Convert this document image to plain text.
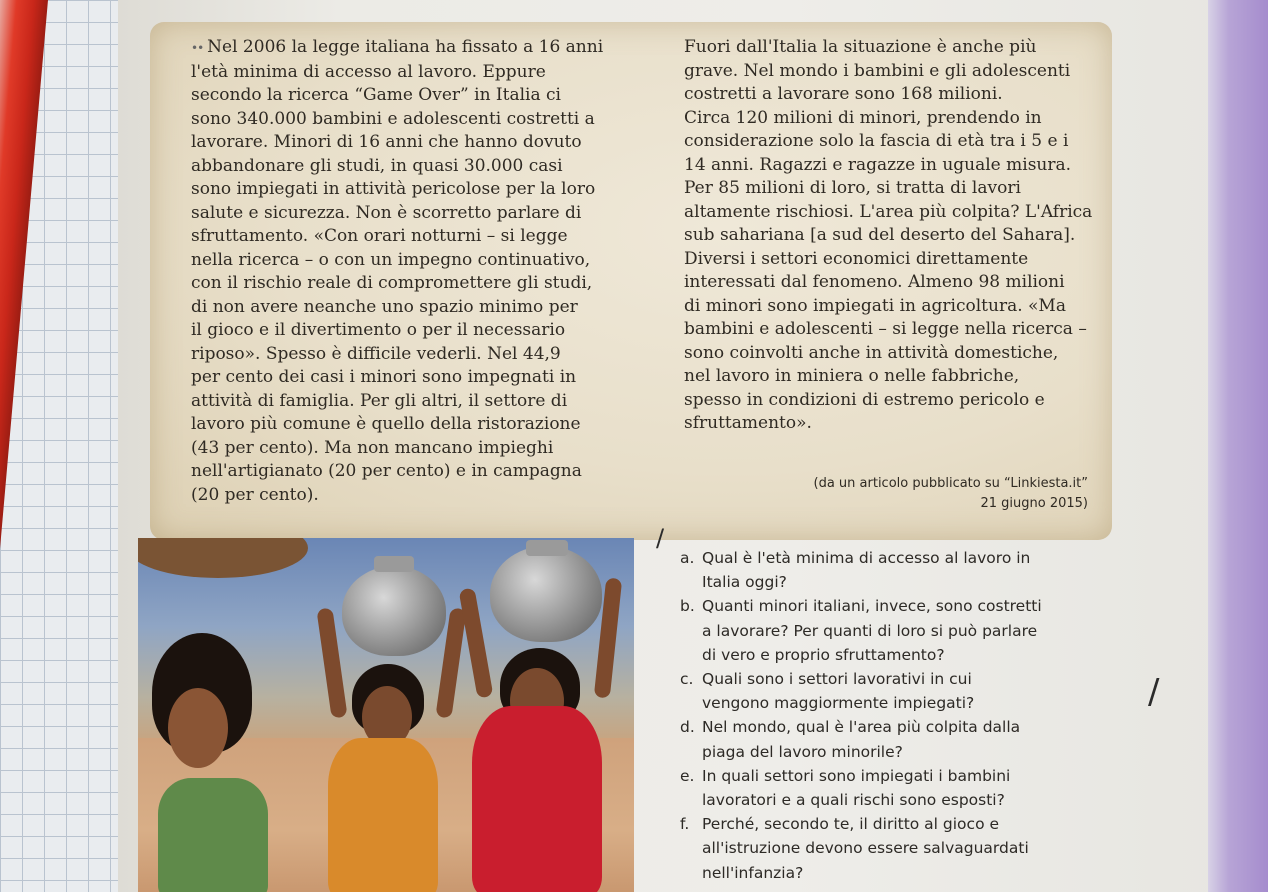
•• Nel 2006 la legge italiana ha fissato a 16 anni

l'età minima di accesso al lavoro. Eppure

secondo la ricerca “Game Over” in Italia ci

sono 340.000 bambini e adolescenti costretti a

lavorare. Minori di 16 anni che hanno dovuto

abbandonare gli studi, in quasi 30.000 casi

sono impiegati in attività pericolose per la loro

salute e sicurezza. Non è scorretto parlare di

sfruttamento. «Con orari notturni – si legge

nella ricerca – o con un impegno continuativo,

con il rischio reale di compromettere gli studi,

di non avere neanche uno spazio minimo per

il gioco e il divertimento o per il necessario

riposo». Spesso è difficile vederli. Nel 44,9

per cento dei casi i minori sono impegnati in

attività di famiglia. Per gli altri, il settore di

lavoro più comune è quello della ristorazione

(43 per cento). Ma non mancano impieghi

nell'artigianato (20 per cento) e in campagna

(20 per cento).

Fuori dall'Italia la situazione è anche più

grave. Nel mondo i bambini e gli adolescenti

costretti a lavorare sono 168 milioni.

Circa 120 milioni di minori, prendendo in

considerazione solo la fascia di età tra i 5 e i

14 anni. Ragazzi e ragazze in uguale misura.

Per 85 milioni di loro, si tratta di lavori

altamente rischiosi. L'area più colpita? L'Africa

sub sahariana [a sud del deserto del Sahara].

Diversi i settori economici direttamente

interessati dal fenomeno. Almeno 98 milioni

di minori sono impiegati in agricoltura. «Ma

bambini e adolescenti – si legge nella ricerca –

sono coinvolti anche in attività domestiche,

nel lavoro in miniera o nelle fabbriche,

spesso in condizioni di estremo pericolo e

sfruttamento».

(da un articolo pubblicato su “Linkiesta.it”

21 giugno 2015)

/
/
a. Qual è l'età minima di accesso al lavoro in
Italia oggi?
b. Quanti minori italiani, invece, sono costretti
a lavorare? Per quanti di loro si può parlare
di vero e proprio sfruttamento?
c. Quali sono i settori lavorativi in cui
vengono maggiormente impiegati?
d. Nel mondo, qual è l'area più colpita dalla
piaga del lavoro minorile?
e. In quali settori sono impiegati i bambini
lavoratori e a quali rischi sono esposti?
f. Perché, secondo te, il diritto al gioco e
all'istruzione devono essere salvaguardati
nell'infanzia?
